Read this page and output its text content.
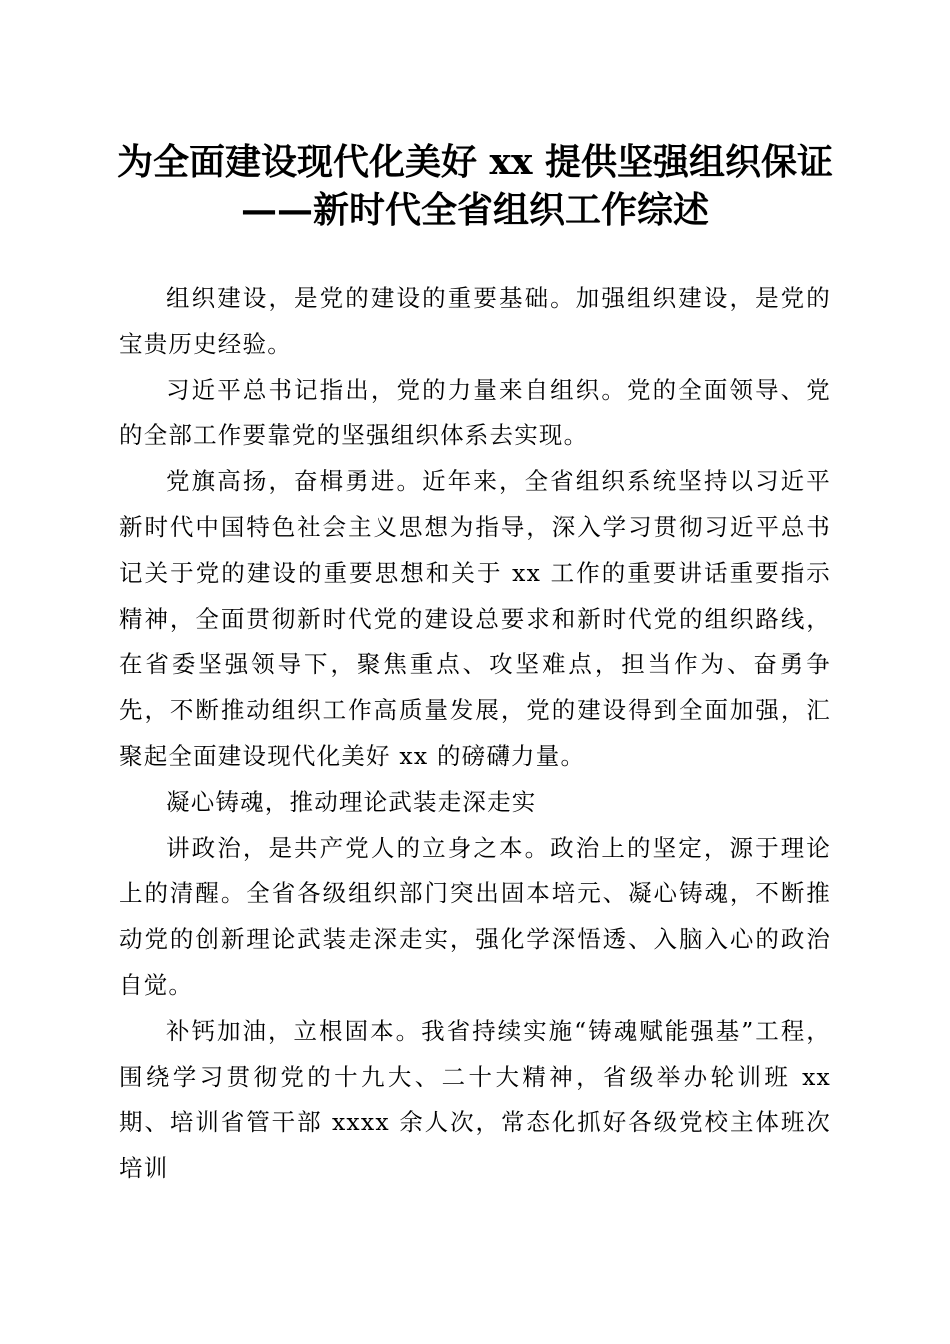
为全面建设现代化美好 xx 提供坚强组织保证
——新时代全省组织工作综述

组织建设，是党的建设的重要基础。加强组织建设，是党的宝贵历史经验。

习近平总书记指出，党的力量来自组织。党的全面领导、党的全部工作要靠党的坚强组织体系去实现。

党旗高扬，奋楫勇进。近年来，全省组织系统坚持以习近平新时代中国特色社会主义思想为指导，深入学习贯彻习近平总书记关于党的建设的重要思想和关于 xx 工作的重要讲话重要指示精神，全面贯彻新时代党的建设总要求和新时代党的组织路线，在省委坚强领导下，聚焦重点、攻坚难点，担当作为、奋勇争先，不断推动组织工作高质量发展，党的建设得到全面加强，汇聚起全面建设现代化美好 xx 的磅礴力量。

凝心铸魂，推动理论武装走深走实

讲政治，是共产党人的立身之本。政治上的坚定，源于理论上的清醒。全省各级组织部门突出固本培元、凝心铸魂，不断推动党的创新理论武装走深走实，强化学深悟透、入脑入心的政治自觉。

补钙加油，立根固本。我省持续实施“铸魂赋能强基”工程，围绕学习贯彻党的十九大、二十大精神，省级举办轮训班 xx 期、培训省管干部 xxxx 余人次，常态化抓好各级党校主体班次培训
